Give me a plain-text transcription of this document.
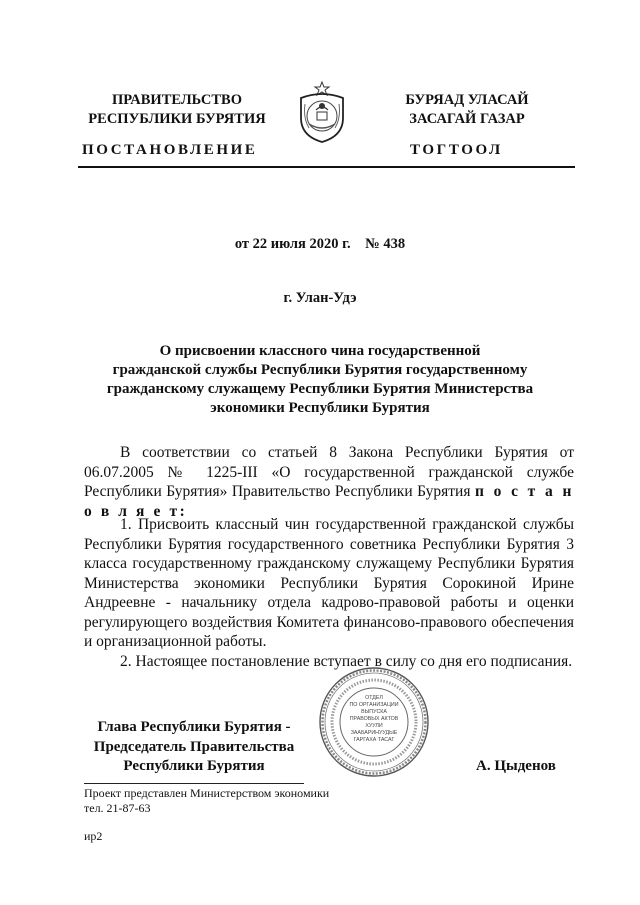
ПРАВИТЕЛЬСТВО
РЕСПУБЛИКИ БУРЯТИЯ
БУРЯАД УЛАСАЙ
ЗАСАГАЙ ГАЗАР
ПОСТАНОВЛЕНИЕ	ТОГТООЛ
от 22 июля 2020 г.    № 438
г. Улан-Удэ
О присвоении классного чина государственной
гражданской службы Республики Бурятия государственному
гражданскому служащему Республики Бурятия Министерства
экономики Республики Бурятия
В соответствии со статьей 8 Закона Республики Бурятия от 06.07.2005 № 1225-III «О государственной гражданской службе Республики Бурятия» Правительство Республики Бурятия п о с т а н о в л я е т:
1. Присвоить классный чин государственной гражданской службы Республики Бурятия государственного советника Республики Бурятия 3 класса государственному гражданскому служащему Республики Бурятия Министерства экономики Республики Бурятия Сорокиной Ирине Андреевне - начальнику отдела кадрово-правовой работы и оценки регулирующего воздействия Комитета финансово-правового обеспечения и организационной работы.
2. Настоящее постановление вступает в силу со дня его подписания.
ОТДЕЛ
ПО ОРГАНИЗАЦИИ
ВЫПУСКА
ПРАВОВЫХ АКТОВ
ХУУЛИ
ЗААБАРИНУУДЫЕ
ГАРГАХА ТАСАГ
Глава Республики Бурятия -
Председатель Правительства
Республики Бурятия	А. Цыденов
Проект представлен Министерством экономики
тел. 21-87-63
ир2
